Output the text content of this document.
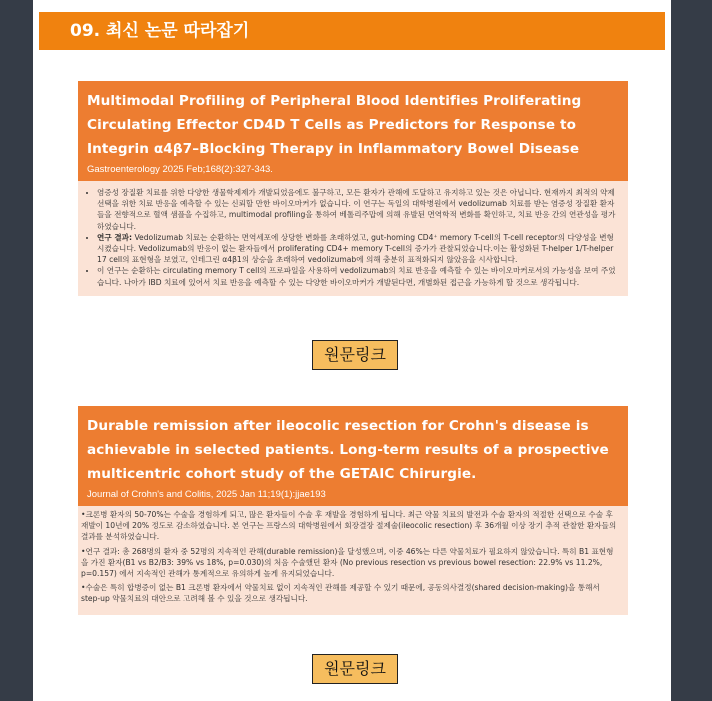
09. 최신 논문 따라잡기
Multimodal Profiling of Peripheral Blood Identifies Proliferating Circulating Effector CD4D T Cells as Predictors for Response to Integrin α4β7–Blocking Therapy in Inflammatory Bowel Disease
Gastroenterology 2025 Feb;168(2):327-343.
• 염증성 장질환 치료를 위한 다양한 생물학제제가 개발되었음에도 불구하고, 모든 환자가 관해에 도달하고 유지하고 있는 것은 아닙니다. 현재까지 최적의 약제 선택을 위한 치료 반응을 예측할 수 있는 신뢰할 만한 바이오마커가 없습니다. 이 연구는 독일의 대학병원에서 vedolizumab 치료를 받는 염증성 장질환 환자들을 전향적으로 혈액 샘플을 수집하고, multimodal profiling을 통하여 베톨리주맙에 의해 유발된 면역학적 변화를 확인하고, 치료 반응 간의 연관성을 평가하였습니다.
• 연구 결과: Vedolizumab 치료는 순환하는 면역세포에 상당한 변화를 초래하였고, gut-homing CD4⁺ memory T-cell의 T-cell receptor의 다양성을 변형시켰습니다. Vedolizumab의 반응이 없는 환자들에서 proliferating CD4+ memory T-cell의 증가가 관찰되었습니다.이는 활성화된 T-helper 1/T-helper 17 cell의 표현형을 보였고, 인테그린 α4β1의 상승을 초래하여 vedolizumab에 의해 충분히 표적화되지 않았음을 시사합니다.
• 이 연구는 순환하는 circulating memory T cell의 프로파일을 사용하여 vedolizumab의 치료 반응을 예측할 수 있는 바이오마커로서의 가능성을 보여 주었습니다. 나아가 IBD 치료에 있어서 치료 반응을 예측할 수 있는 다양한 바이오마커가 개발된다면, 개별화된 접근을 가능하게 할 것으로 생각됩니다.
원문링크
Durable remission after ileocolic resection for Crohn's disease is achievable in selected patients. Long-term results of a prospective multicentric cohort study of the GETAIC Chirurgie.
Journal of Crohn's and Colitis, 2025 Jan 11;19(1):jjae193

•크론병 환자의 50-70%는 수술을 경험하게 되고, 많은 환자들이 수술 후 재발을 경험하게 됩니다. 최근 약물 치료의 발전과 수술 환자의 적절한 선택으로 수술 후 재발이 10년에 20% 정도로 감소하였습니다. 본 연구는 프랑스의 대학병원에서 회장결장 절제술(ileocolic resection) 후 36개월 이상 장기 추적 관찰한 환자들의 결과를 분석하였습니다.

•연구 결과: 총 268명의 환자 중 52명의 지속적인 관해(durable remission)을 달성했으며, 이중 46%는 다른 약물치료가 필요하지 않았습니다. 특히 B1 표현형을 가진 환자(B1 vs B2/B3: 39% vs 18%, p=0.030)의 처음 수술했던 환자 (No previous resection vs previous bowel resection: 22.9% vs 11.2%, p=0.157) 에서 지속적인 관해가 통계적으로 유의하게 높게 유지되었습니다.

•수술은 특히 합병증이 없는 B1 크론병 환자에서 약물치료 없이 지속적인 관해를 제공할 수 있기 때문에, 공동의사결정(shared decision-making)을 통해서 step-up 약물치료의 대안으로 고려해 볼 수 있을 것으로 생각됩니다.

원문링크
